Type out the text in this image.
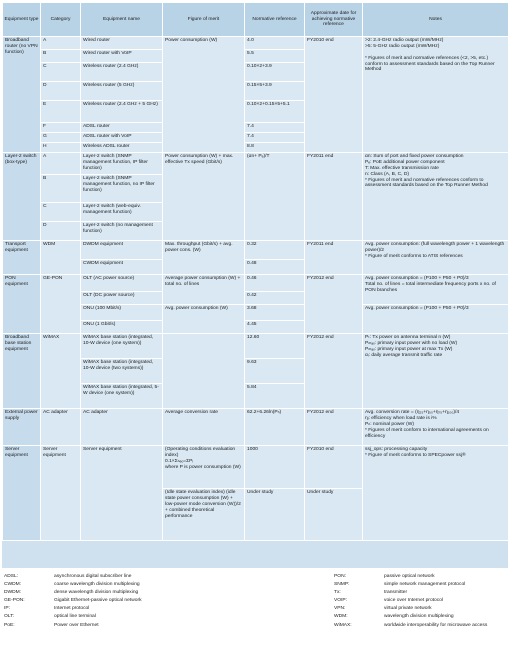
Equipment type	Category	Equipment name	Figure of merit	Normative reference	Approximate date for achieving normative reference	Notes
Broadband router (no VPN function)	A	Wired router	Power consumption (W)	4.0	FY2010 end	>2: 2.4-GHz radio output (mW/MHz)
>5: 5-GHz radio output (mW/MHz)

* Figures of merit and normative references (<2, >5, etc.) conform to assessment standards based on the Top Runner Method
	B	Wired router with VoIP		5.5		
	C	Wireless router (2.4 GHz)		0.10×2+3.9		
	D	Wireless router (5 GHz)		0.15×5+3.9		
	E	Wireless router (2.4 GHz + 5 GHz)		0.10×2+0.15×5+5.1		
	F	ADSL router		7.4		
	G	ADSL router with VoIP		7.4		
	H	Wireless ADSL router		8.8		
Layer-2 switch (box-type)	A	Layer-2 switch (SNMP management function, IP filter function)	Power consumption (W) + max. effective Tx speed (Gbit/s)	(αn+ Pₑ)/T	FY2011 end	αn: Sum of port and fixed power consumption
Pₑ: PoE additional power component
T: Max. effective transmission rate
n: Class (A, B, C, D)
* Figures of merit and normative references conform to assessment standards based on the Top Runner Method
	B	Layer-2 switch (SNMP management function, no IP filter function)				
	C	Layer-2 switch (web-equiv. management function)				
	D	Layer-2 switch (no management function)				
Transport equipment	WDM	DWDM equipment	Max. throughput (Gbit/s) + avg. power cons. (W)	0.32	FY2011 end	Avg. power consumption: (full wavelength power + 1 wavelength power)/2
* Figure of merit conforms to ATIS references
		CWDM equipment		0.48		
PON equipment	GE-PON	OLT (AC power source)	Average power consumption (W) + total no. of lines	0.46	FY2012 end	Avg. power consumption = (P100 + P50 + P0)/3
Total no. of lines = total intermediate frequency ports x no. of PON branches
		OLT (DC power source)		0.42		
		ONU (100 Mbit/s)	Avg. power consumption (W)	3.68		Avg. power consumption = (P100 + P50 + P0)/3
		ONU (1 Gbit/s)		4.45		
Broadband base station equipment	WiMAX	WiMAX base station (integrated, 10-W device (one system))		12.60	FY2012 end	Pₜ: Tx power on antenna terminal n (W)
Pₘₐₓ: primary input power with no load (W)
Pₘₐₓ: primary input power at max Tx (W)
αᵢ: daily average transmit traffic rate
		WiMAX base station (integrated, 10-W device (two systems))		9.63		
		WiMAX base station (integrated, 5-W device (one system))		5.84		
External power supply	AC adapter	AC adapter	Average conversion rate	62.2+6.26ln(Pₙ)	FY2012 end	Avg. conversion rate = (η₂₅+η₅₀+η₇₅+η₁₀₀)/4
ηᵢ: efficiency when load rate is i%
Pₙ: nominal power (W)
* Figures of merit conform to international agreements on efficiency
Server equipment	Server equipment	Server equipment	(Operating conditions evaluation index)
0.1×Σₙₑₒ=ΣPᵢ
where P is power consumption (W)	1000	FY2010 end	ssj_ops: processing capacity
* Figure of merit conforms to SPECpower ssj®
			(Idle state evaluation index) (idle state power consumption (W) + low-power mode conversion (W))/2 + combined theoretical performance	Under study	Under study	
ADSL:	asynchronous digital subscriber line
CWDM:	coarse wavelength division multiplexing
DWDM:	dense wavelength division multiplexing
GE-PON:	Gigabit Ethernet-passive optical network
IP:	Internet protocol
OLT:	optical line terminal
PoE:	Power over Ethernet
PON:	passive optical network
SNMP:	simple network management protocol
Tx:	transmitter
VOIP:	voice over Internet protocol
VPN:	virtual private network
WDM:	wavelength division multiplexing
WiMAX:	worldwide interoperability for microwave access
